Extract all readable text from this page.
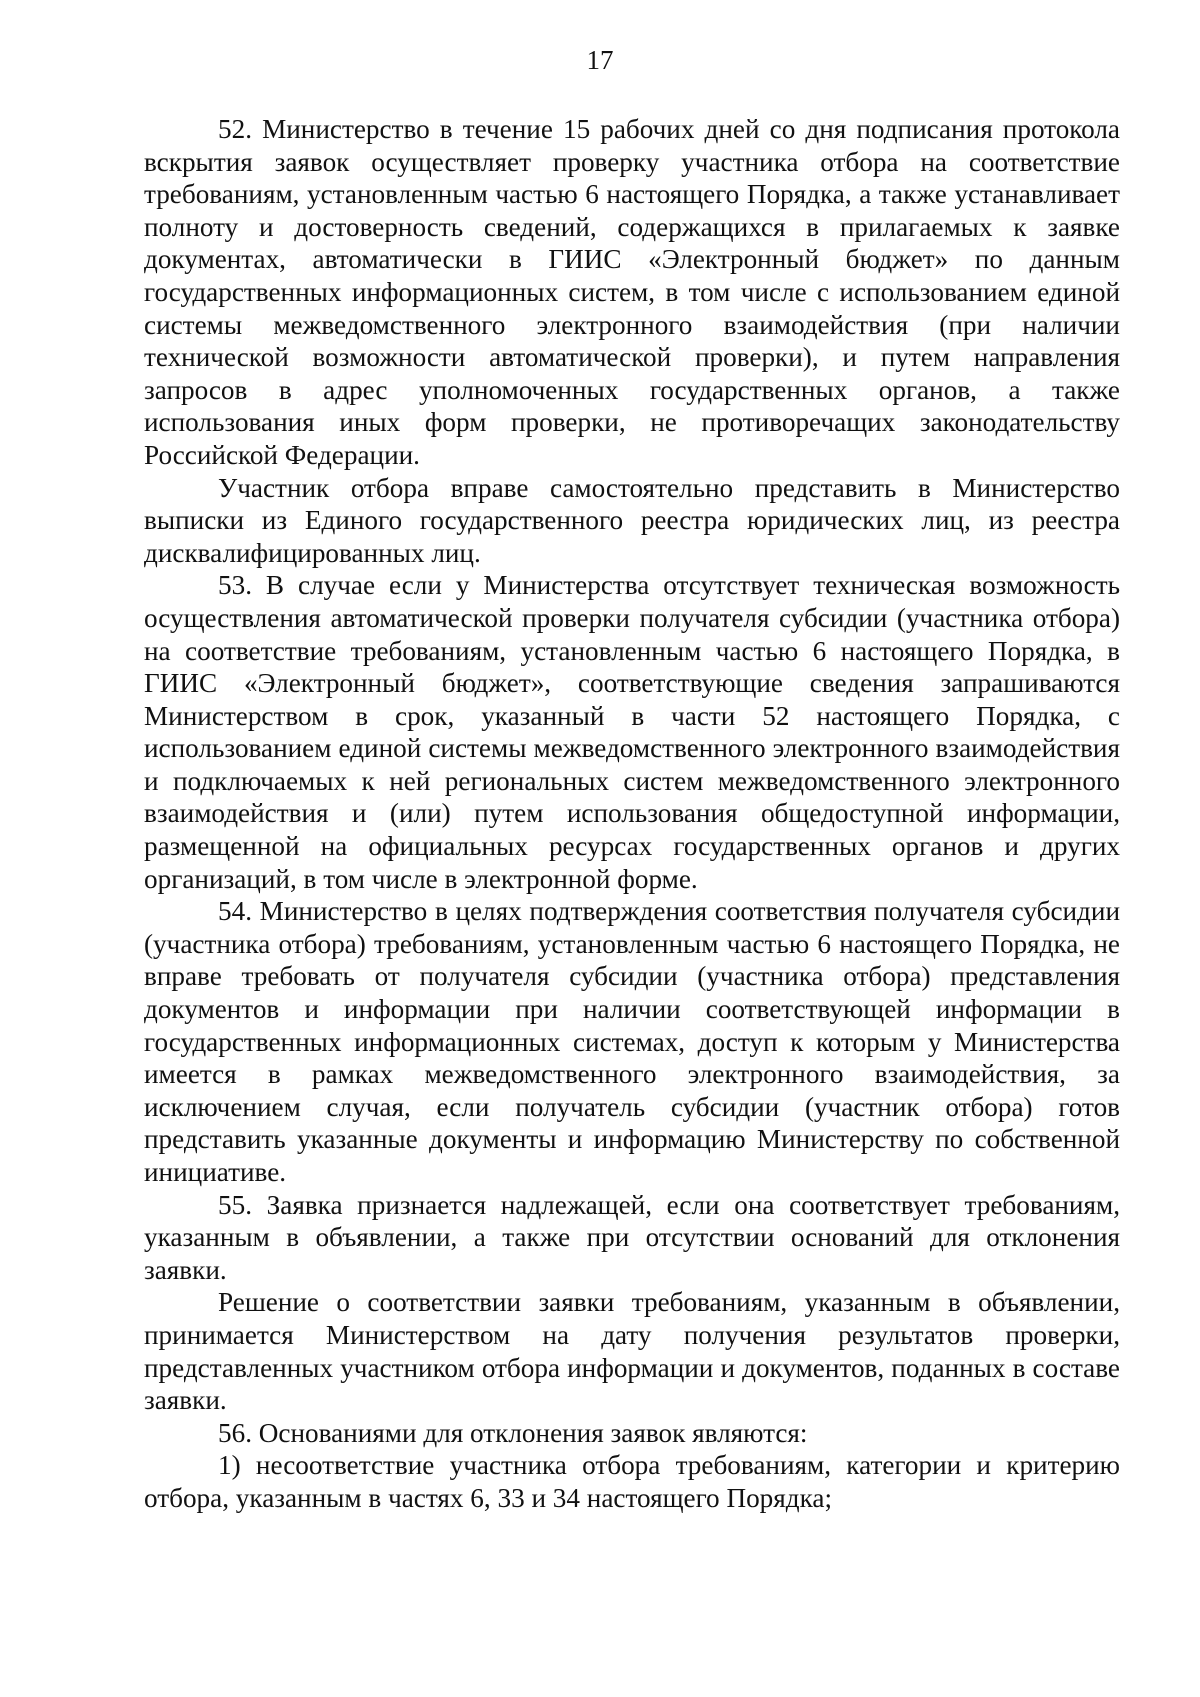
17

52. Министерство в течение 15 рабочих дней со дня подписания протокола вскрытия заявок осуществляет проверку участника отбора на соответствие требованиям, установленным частью 6 настоящего Порядка, а также устанавливает полноту и достоверность сведений, содержащихся в прилагаемых к заявке документах, автоматически в ГИИС «Электронный бюджет» по данным государственных информационных систем, в том числе с использованием единой системы межведомственного электронного взаимодействия (при наличии технической возможности автоматической проверки), и путем направления запросов в адрес уполномоченных государственных органов, а также использования иных форм проверки, не противоречащих законодательству Российской Федерации.

Участник отбора вправе самостоятельно представить в Министерство выписки из Единого государственного реестра юридических лиц, из реестра дисквалифицированных лиц.

53. В случае если у Министерства отсутствует техническая возможность осуществления автоматической проверки получателя субсидии (участника отбора) на соответствие требованиям, установленным частью 6 настоящего Порядка, в ГИИС «Электронный бюджет», соответствующие сведения запрашиваются Министерством в срок, указанный в части 52 настоящего Порядка, с использованием единой системы межведомственного электронного взаимодействия и подключаемых к ней региональных систем межведомственного электронного взаимодействия и (или) путем использования общедоступной информации, размещенной на официальных ресурсах государственных органов и других организаций, в том числе в электронной форме.

54. Министерство в целях подтверждения соответствия получателя субсидии (участника отбора) требованиям, установленным частью 6 настоящего Порядка, не вправе требовать от получателя субсидии (участника отбора) представления документов и информации при наличии соответствующей информации в государственных информационных системах, доступ к которым у Министерства имеется в рамках межведомственного электронного взаимодействия, за исключением случая, если получатель субсидии (участник отбора) готов представить указанные документы и информацию Министерству по собственной инициативе.

55. Заявка признается надлежащей, если она соответствует требованиям, указанным в объявлении, а также при отсутствии оснований для отклонения заявки.

Решение о соответствии заявки требованиям, указанным в объявлении, принимается Министерством на дату получения результатов проверки, представленных участником отбора информации и документов, поданных в составе заявки.

56. Основаниями для отклонения заявок являются:

1) несоответствие участника отбора требованиям, категории и критерию отбора, указанным в частях 6, 33 и 34 настоящего Порядка;
